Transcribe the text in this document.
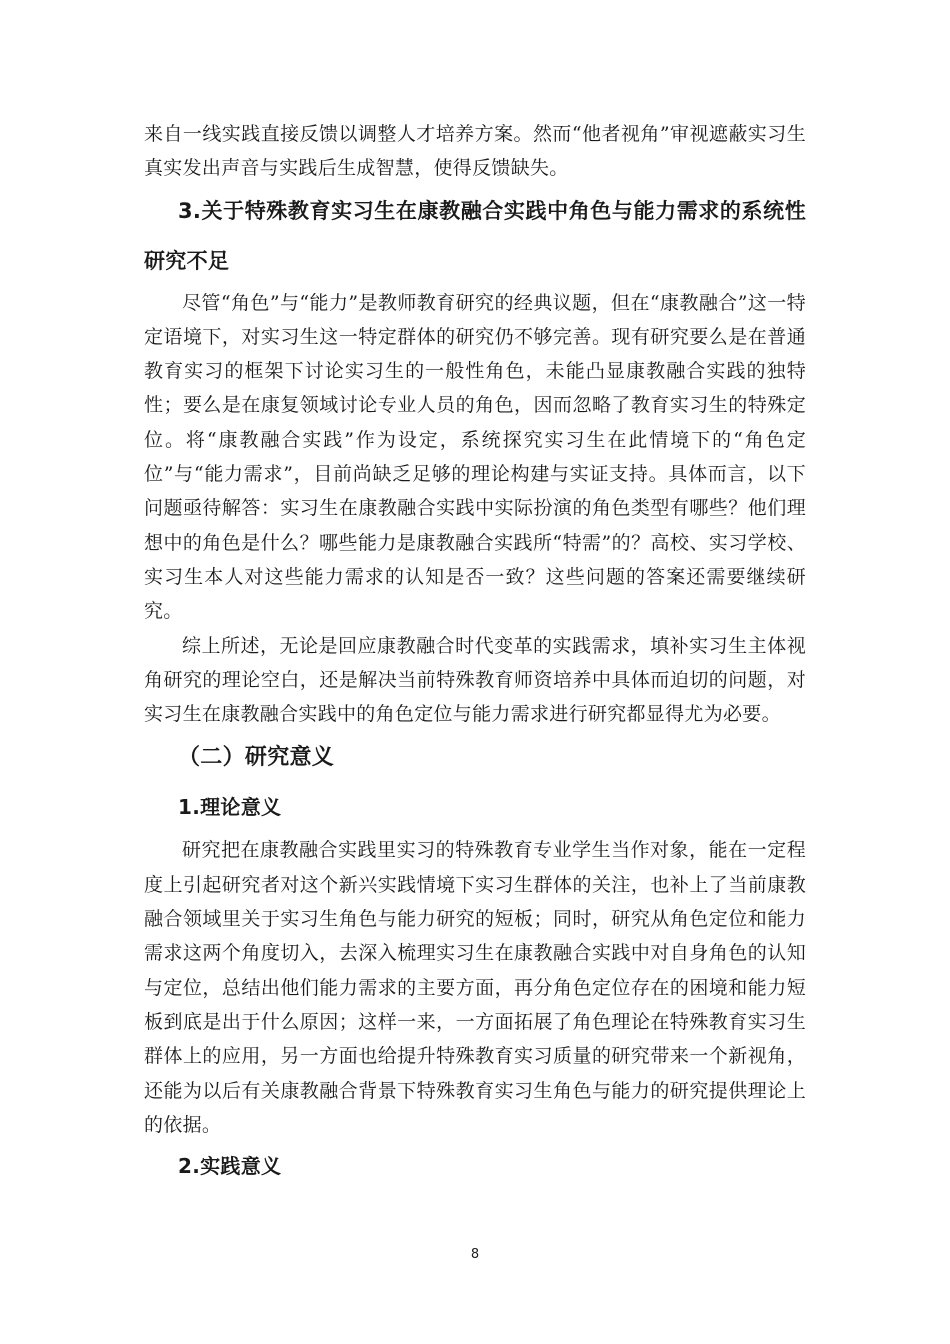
来自一线实践直接反馈以调整人才培养方案。然而“他者视角”审视遮蔽实习生真实发出声音与实践后生成智慧，使得反馈缺失。

3.关于特殊教育实习生在康教融合实践中角色与能力需求的系统性研究不足

尽管“角色”与“能力”是教师教育研究的经典议题，但在“康教融合”这一特定语境下，对实习生这一特定群体的研究仍不够完善。现有研究要么是在普通教育实习的框架下讨论实习生的一般性角色，未能凸显康教融合实践的独特性；要么是在康复领域讨论专业人员的角色，因而忽略了教育实习生的特殊定位。将“康教融合实践”作为设定，系统探究实习生在此情境下的“角色定位”与“能力需求”，目前尚缺乏足够的理论构建与实证支持。具体而言，以下问题亟待解答：实习生在康教融合实践中实际扮演的角色类型有哪些？他们理想中的角色是什么？哪些能力是康教融合实践所“特需”的？高校、实习学校、实习生本人对这些能力需求的认知是否一致？这些问题的答案还需要继续研究。

综上所述，无论是回应康教融合时代变革的实践需求，填补实习生主体视角研究的理论空白，还是解决当前特殊教育师资培养中具体而迫切的问题，对实习生在康教融合实践中的角色定位与能力需求进行研究都显得尤为必要。

（二）研究意义

1.理论意义

研究把在康教融合实践里实习的特殊教育专业学生当作对象，能在一定程度上引起研究者对这个新兴实践情境下实习生群体的关注，也补上了当前康教融合领域里关于实习生角色与能力研究的短板；同时，研究从角色定位和能力需求这两个角度切入，去深入梳理实习生在康教融合实践中对自身角色的认知与定位，总结出他们能力需求的主要方面，再分角色定位存在的困境和能力短板到底是出于什么原因；这样一来，一方面拓展了角色理论在特殊教育实习生群体上的应用，另一方面也给提升特殊教育实习质量的研究带来一个新视角，还能为以后有关康教融合背景下特殊教育实习生角色与能力的研究提供理论上的依据。

2.实践意义

8
